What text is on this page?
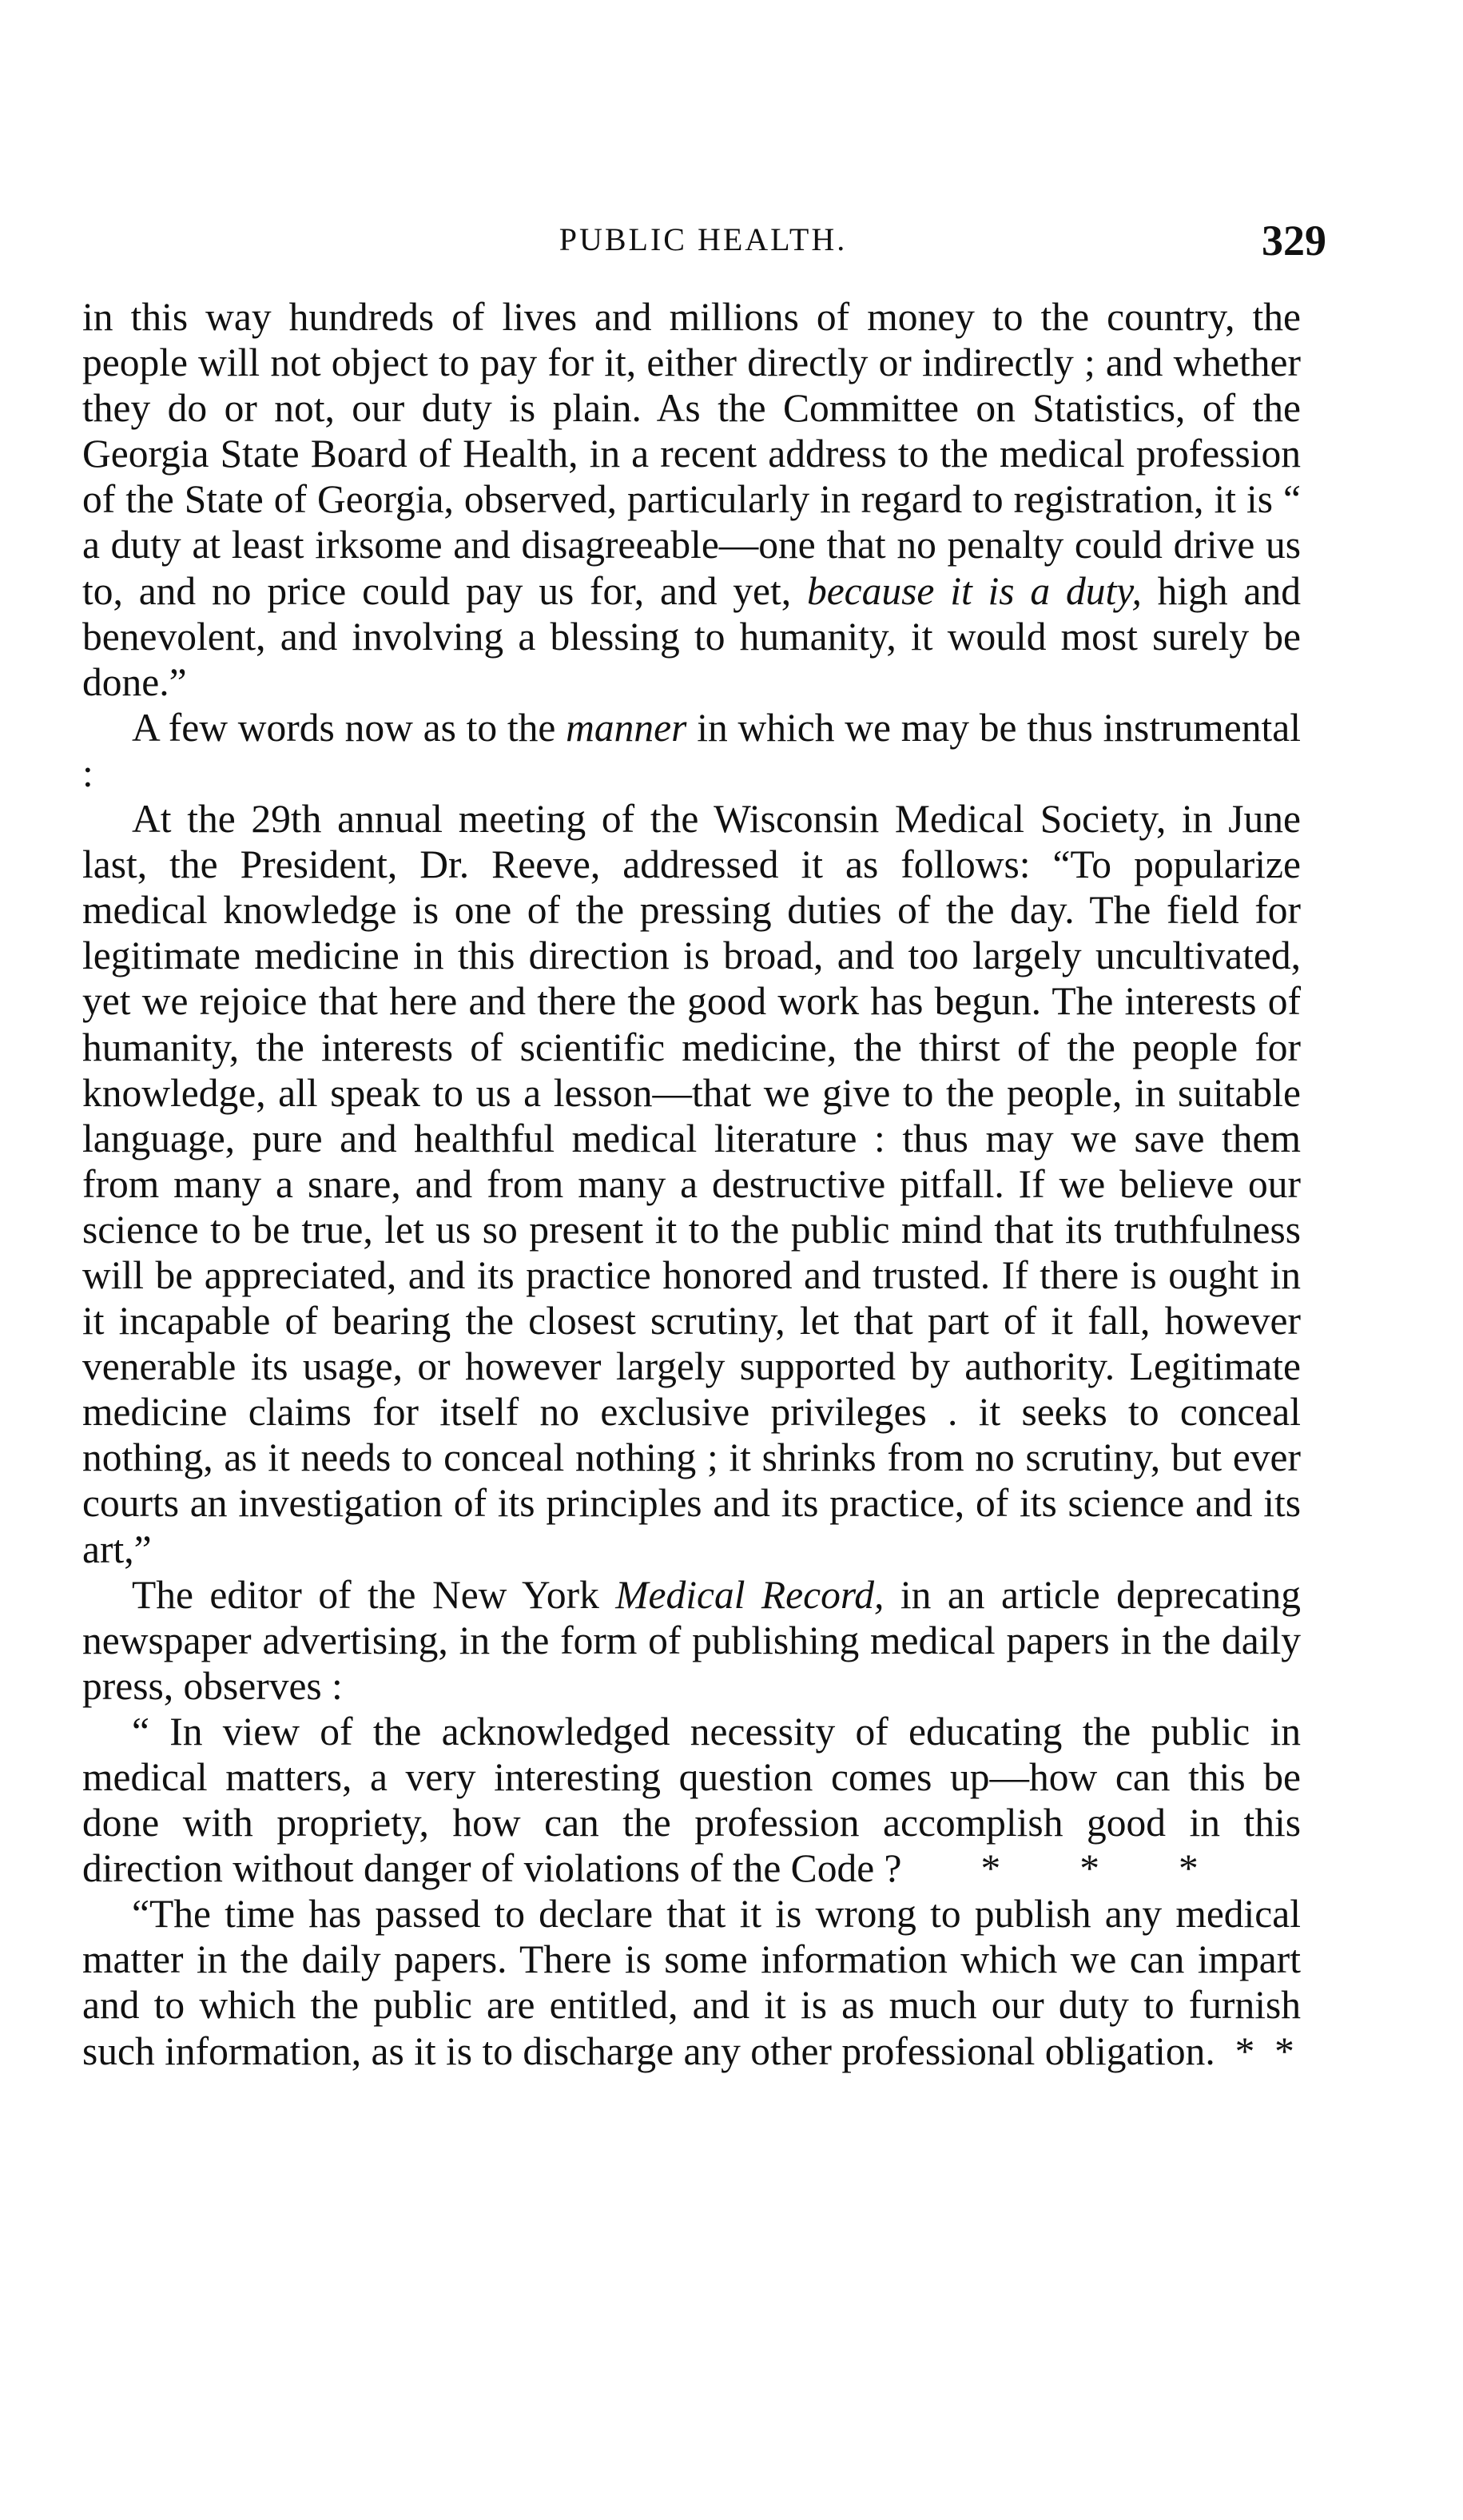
PUBLIC HEALTH.	329

in this way hundreds of lives and millions of money to the country, the people will not object to pay for it, either directly or indirectly ; and whether they do or not, our duty is plain. As the Committee on Statistics, of the Georgia State Board of Health, in a recent address to the medical profession of the State of Georgia, observed, particularly in regard to registration, it is “ a duty at least irksome and disagreeable—one that no penalty could drive us to, and no price could pay us for, and yet, because it is a duty, high and benevolent, and involving a blessing to humanity, it would most surely be done.”

A few words now as to the manner in which we may be thus instrumental :

At the 29th annual meeting of the Wisconsin Medical Society, in June last, the President, Dr. Reeve, addressed it as follows: “To popularize medical knowledge is one of the pressing duties of the day. The field for legitimate medicine in this direction is broad, and too largely uncultivated, yet we rejoice that here and there the good work has begun. The interests of humanity, the interests of scientific medicine, the thirst of the people for knowledge, all speak to us a lesson—that we give to the people, in suitable language, pure and healthful medical literature : thus may we save them from many a snare, and from many a destructive pitfall. If we believe our science to be true, let us so present it to the public mind that its truthfulness will be appreciated, and its practice honored and trusted. If there is ought in it incapable of bearing the closest scrutiny, let that part of it fall, however venerable its usage, or however largely supported by authority. Legitimate medicine claims for itself no exclusive privileges . it seeks to conceal nothing, as it needs to conceal nothing ; it shrinks from no scrutiny, but ever courts an investigation of its principles and its practice, of its science and its art,”

The editor of the New York Medical Record, in an article deprecating newspaper advertising, in the form of publishing medical papers in the daily press, observes :

“ In view of the acknowledged necessity of educating the public in medical matters, a very interesting question comes up—how can this be done with propriety, how can the profession accomplish good in this direction without danger of violations of the Code ?    *    *    *

“The time has passed to declare that it is wrong to publish any medical matter in the daily papers. There is some information which we can impart and to which the public are entitled, and it is as much our duty to furnish such information, as it is to discharge any other professional obligation. * *
